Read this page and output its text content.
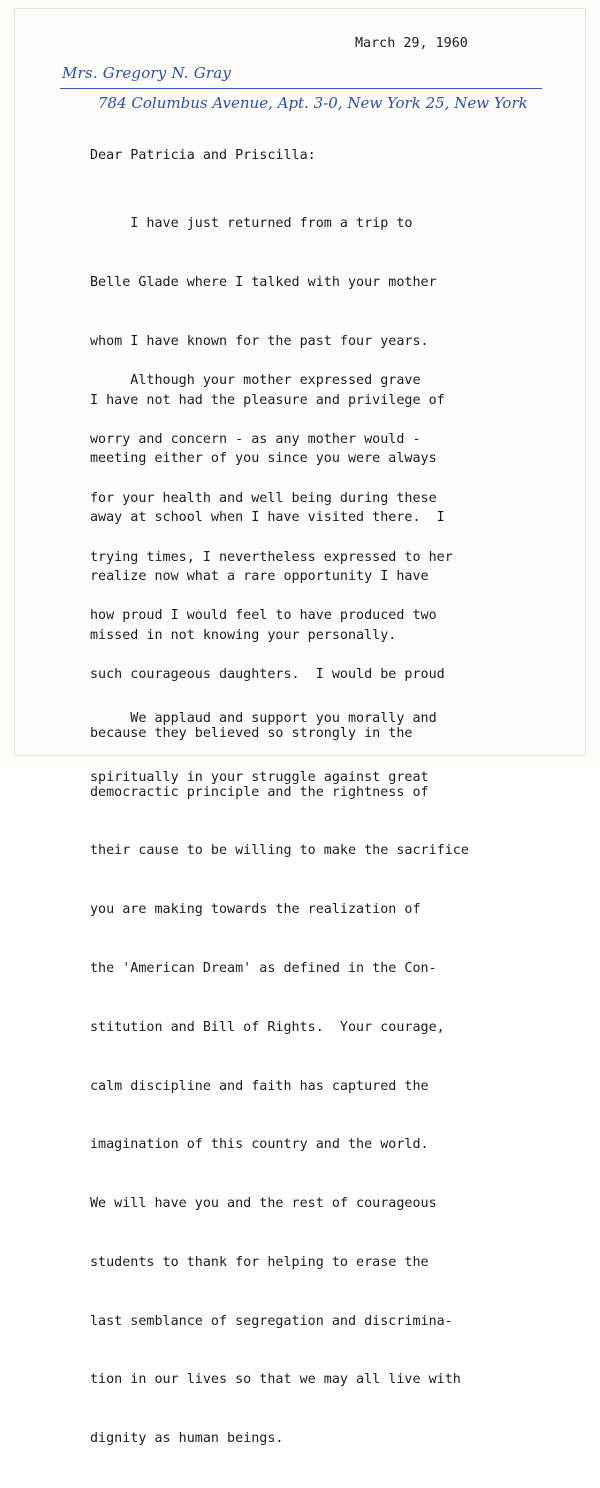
March 29, 1960
Mrs. Gregory N. Gray
784 Columbus Avenue, Apt. 3-0, New York 25, New York
Dear Patricia and Priscilla:

I have just returned from a trip to

Belle Glade where I talked with your mother

whom I have known for the past four years.

I have not had the pleasure and privilege of

meeting either of you since you were always

away at school when I have visited there.  I

realize now what a rare opportunity I have

missed in not knowing your personally.

Although your mother expressed grave

worry and concern - as any mother would -

for your health and well being during these

trying times, I nevertheless expressed to her

how proud I would feel to have produced two

such courageous daughters.  I would be proud

because they believed so strongly in the

democractic principle and the rightness of

their cause to be willing to make the sacrifice

you are making towards the realization of

the 'American Dream' as defined in the Con-

stitution and Bill of Rights.  Your courage,

calm discipline and faith has captured the

imagination of this country and the world.

We will have you and the rest of courageous

students to thank for helping to erase the

last semblance of segregation and discrimina-

tion in our lives so that we may all live with

dignity as human beings.

We applaud and support you morally and

spiritually in your struggle against great
